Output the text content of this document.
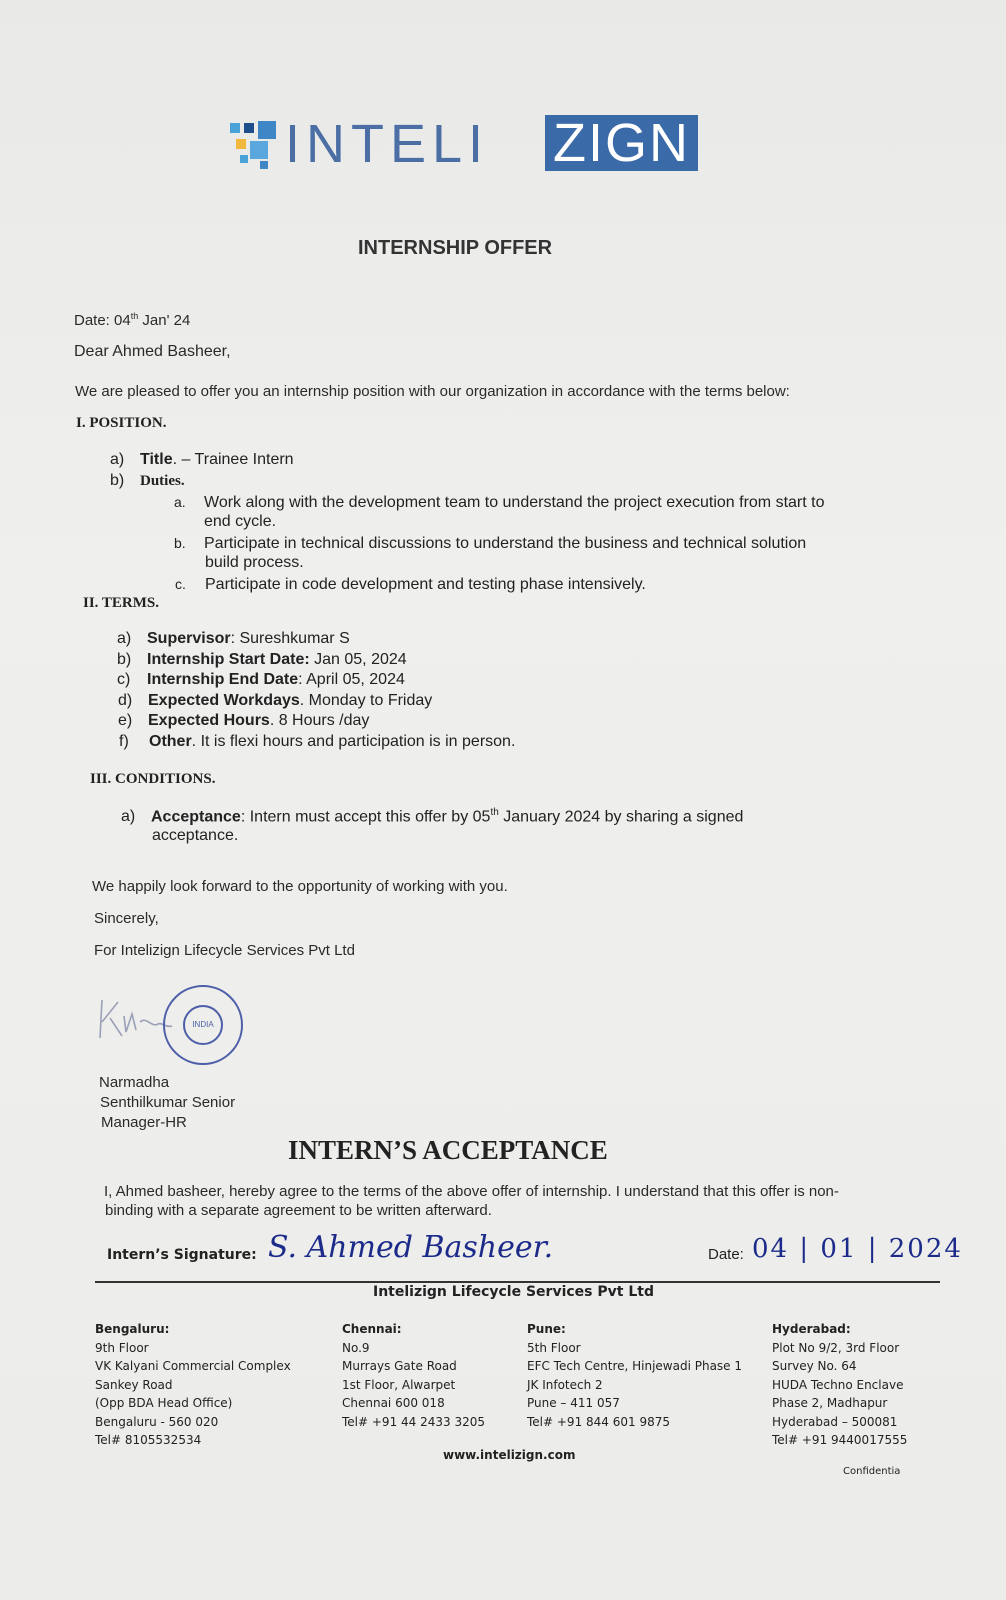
INTELI ZIGN
INTERNSHIP OFFER
Date: 04th Jan' 24
Dear Ahmed Basheer,
We are pleased to offer you an internship position with our organization in accordance with the terms below:
I. POSITION.
a) Title. – Trainee Intern
b) Duties.
a. Work along with the development team to understand the project execution from start to
end cycle.
b. Participate in technical discussions to understand the business and technical solution
build process.
c. Participate in code development and testing phase intensively.
II. TERMS.
a) Supervisor: Sureshkumar S
b) Internship Start Date: Jan 05, 2024
c) Internship End Date: April 05, 2024
d) Expected Workdays. Monday to Friday
e) Expected Hours. 8 Hours /day
f) Other. It is flexi hours and participation is in person.
III. CONDITIONS.
a) Acceptance: Intern must accept this offer by 05th January 2024 by sharing a signed
acceptance.
We happily look forward to the opportunity of working with you.
Sincerely,
For Intelizign Lifecycle Services Pvt Ltd
INDIA
Narmadha
Senthilkumar Senior
Manager-HR
INTERN’S ACCEPTANCE
I, Ahmed basheer, hereby agree to the terms of the above offer of internship. I understand that this offer is non-
binding with a separate agreement to be written afterward.
Intern’s Signature: S. Ahmed Basheer.	Date: 04 | 01 | 2024
Intelizign Lifecycle Services Pvt Ltd
Bengaluru:
9th Floor
VK Kalyani Commercial Complex
Sankey Road
(Opp BDA Head Office)
Bengaluru - 560 020
Tel# 8105532534
Chennai:
No.9
Murrays Gate Road
1st Floor, Alwarpet
Chennai 600 018
Tel# +91 44 2433 3205
Pune:
5th Floor
EFC Tech Centre, Hinjewadi Phase 1
JK Infotech 2
Pune – 411 057
Tel# +91 844 601 9875
Hyderabad:
Plot No 9/2, 3rd Floor
Survey No. 64
HUDA Techno Enclave
Phase 2, Madhapur
Hyderabad – 500081
Tel# +91 9440017555
www.intelizign.com
Confidentia
